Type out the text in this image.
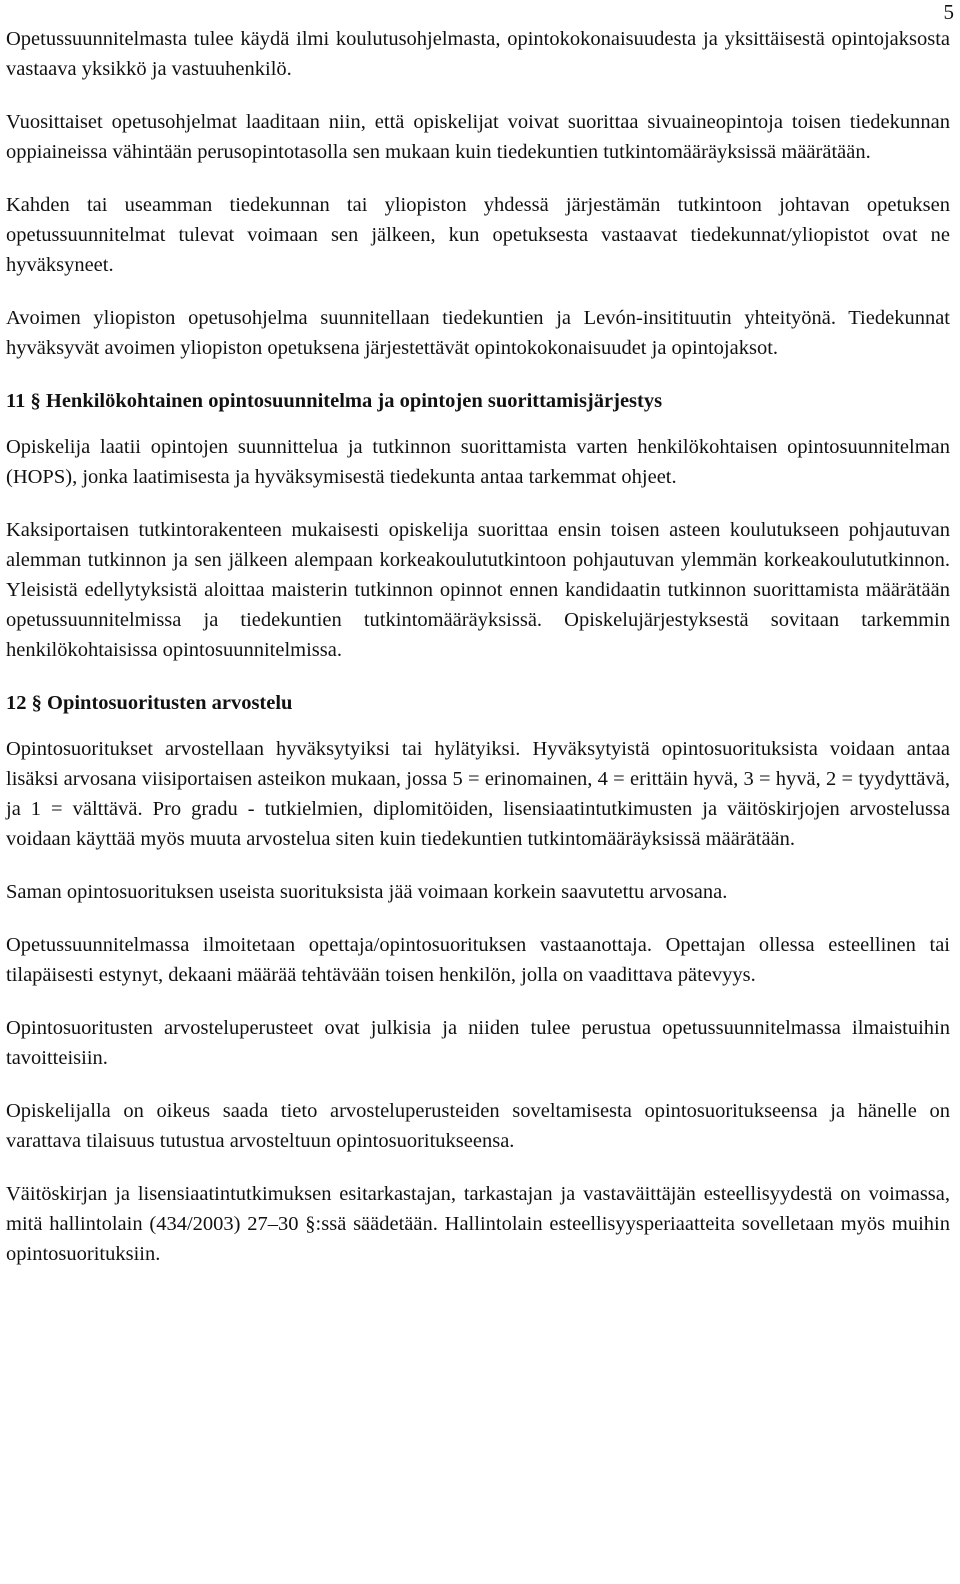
5

Opetussuunnitelmasta tulee käydä ilmi koulutusohjelmasta, opintokokonaisuudesta ja yksittäisestä opintojaksosta vastaava yksikkö ja vastuuhenkilö.

Vuosittaiset opetusohjelmat laaditaan niin, että opiskelijat voivat suorittaa sivuaineopintoja toisen tiedekunnan oppiaineissa vähintään perusopintotasolla sen mukaan kuin tiedekuntien tutkintomääräyksissä määrätään.

Kahden tai useamman tiedekunnan tai yliopiston yhdessä järjestämän tutkintoon johtavan opetuksen opetussuunnitelmat tulevat voimaan sen jälkeen, kun opetuksesta vastaavat tiedekunnat/yliopistot ovat ne hyväksyneet.

Avoimen yliopiston opetusohjelma suunnitellaan tiedekuntien ja Levón-insitituutin yhteityönä. Tiedekunnat hyväksyvät avoimen yliopiston opetuksena järjestettävät opintokokonaisuudet ja opintojaksot.

11 § Henkilökohtainen opintosuunnitelma ja opintojen suorittamisjärjestys

Opiskelija laatii opintojen suunnittelua ja tutkinnon suorittamista varten henkilökohtaisen opintosuunnitelman (HOPS), jonka laatimisesta ja hyväksymisestä tiedekunta antaa tarkemmat ohjeet.

Kaksiportaisen tutkintorakenteen mukaisesti opiskelija suorittaa ensin toisen asteen koulutukseen pohjautuvan alemman tutkinnon ja sen jälkeen alempaan korkeakoulututkintoon pohjautuvan ylemmän korkeakoulututkinnon. Yleisistä edellytyksistä aloittaa maisterin tutkinnon opinnot ennen kandidaatin tutkinnon suorittamista määrätään opetussuunnitelmissa ja tiedekuntien tutkintomääräyksissä. Opiskelujärjestyksestä sovitaan tarkemmin henkilökohtaisissa opintosuunnitelmissa.

12 § Opintosuoritusten arvostelu

Opintosuoritukset arvostellaan hyväksytyiksi tai hylätyiksi. Hyväksytyistä opintosuorituksista voidaan antaa lisäksi arvosana viisiportaisen asteikon mukaan, jossa 5 = erinomainen, 4 = erittäin hyvä, 3 = hyvä, 2 = tyydyttävä, ja 1 = välttävä. Pro gradu - tutkielmien, diplomitöiden, lisensiaatintutkimusten ja väitöskirjojen arvostelussa voidaan käyttää myös muuta arvostelua siten kuin tiedekuntien tutkintomääräyksissä määrätään.

Saman opintosuorituksen useista suorituksista jää voimaan korkein saavutettu arvosana.

Opetussuunnitelmassa ilmoitetaan opettaja/opintosuorituksen vastaanottaja. Opettajan ollessa esteellinen tai tilapäisesti estynyt, dekaani määrää tehtävään toisen henkilön, jolla on vaadittava pätevyys.

Opintosuoritusten arvosteluperusteet ovat julkisia ja niiden tulee perustua opetussuunnitelmassa ilmaistuihin tavoitteisiin.

Opiskelijalla on oikeus saada tieto arvosteluperusteiden soveltamisesta opintosuoritukseensa ja hänelle on varattava tilaisuus tutustua arvosteltuun opintosuoritukseensa.

Väitöskirjan ja lisensiaatintutkimuksen esitarkastajan, tarkastajan ja vastaväittäjän esteellisyydestä on voimassa, mitä hallintolain (434/2003) 27–30 §:ssä säädetään. Hallintolain esteellisyysperiaatteita sovelletaan myös muihin opintosuorituksiin.
